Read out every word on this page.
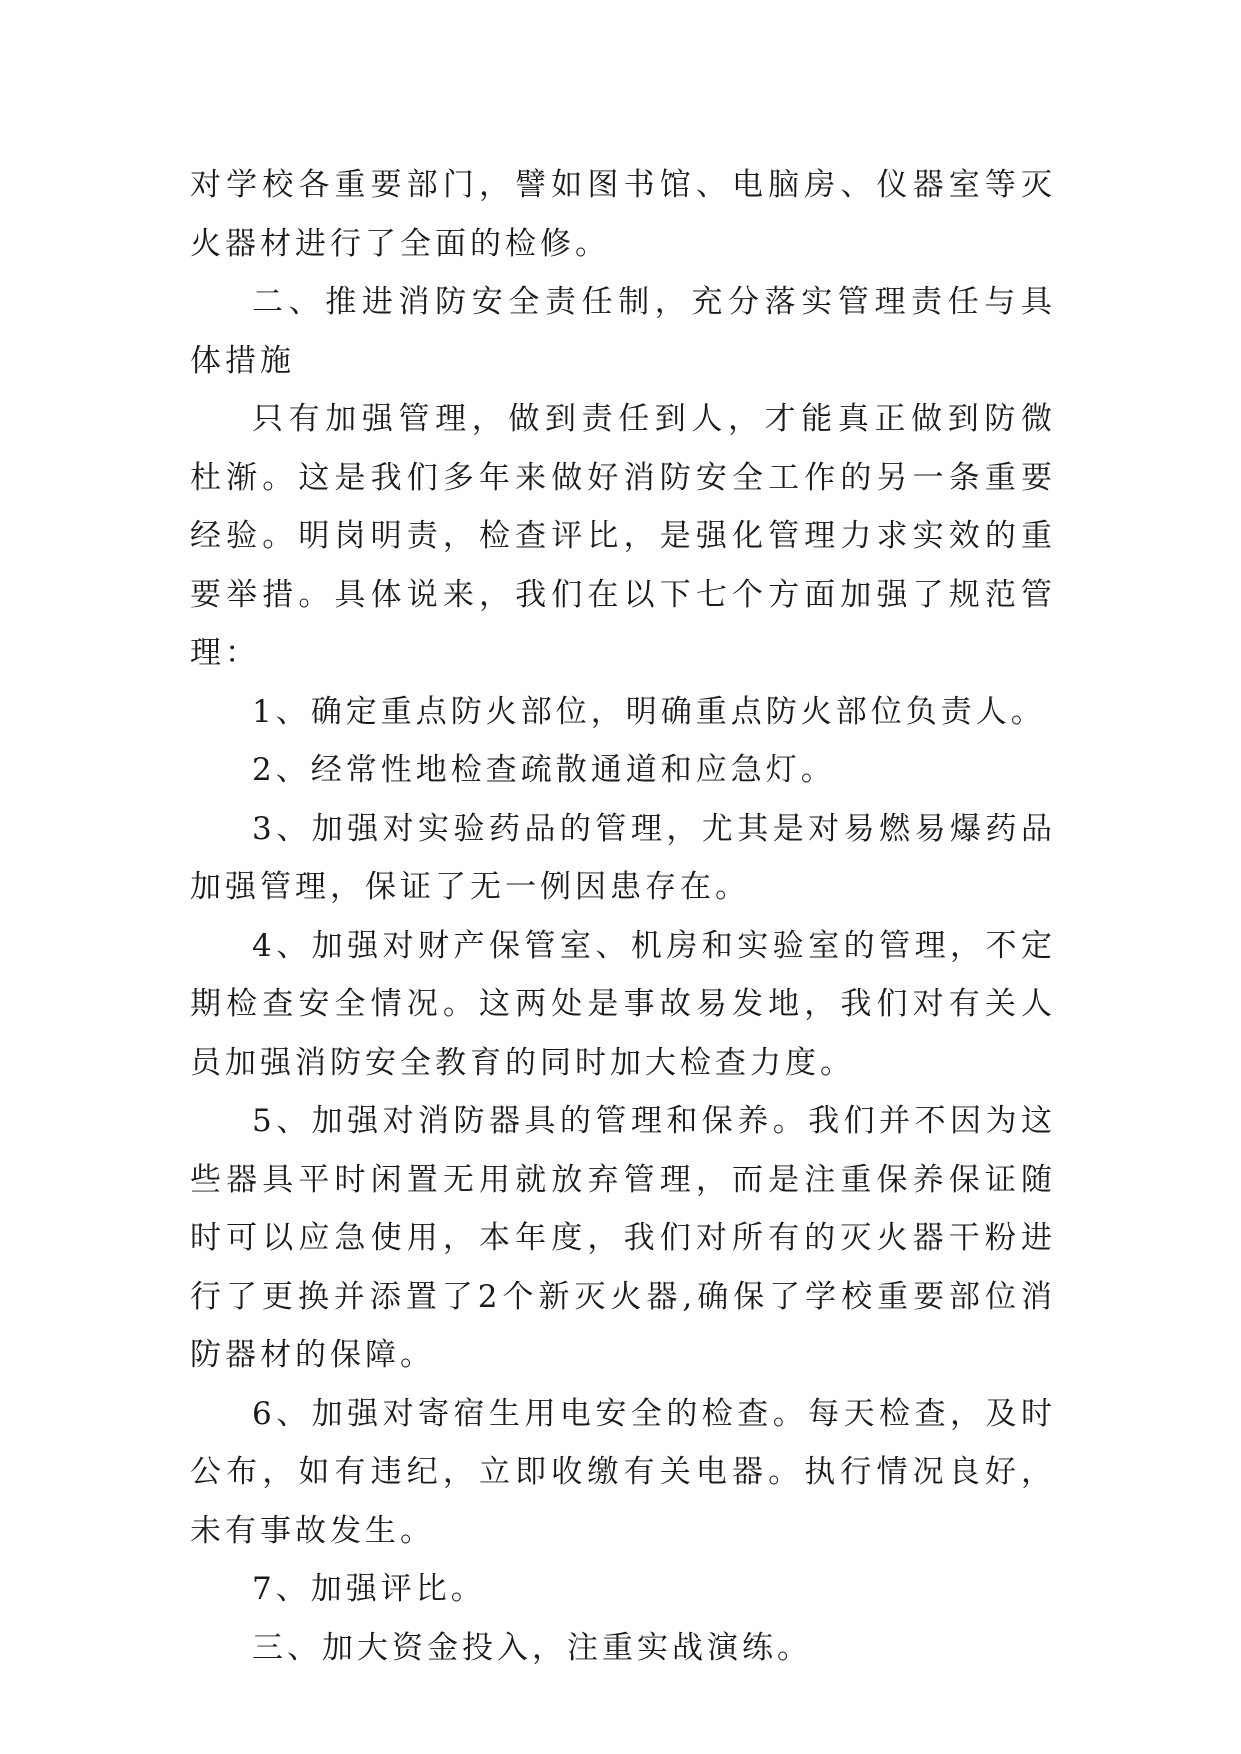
对学校各重要部门，譬如图书馆、电脑房、仪器室等灭火器材进行了全面的检修。

二、推进消防安全责任制，充分落实管理责任与具体措施

只有加强管理，做到责任到人，才能真正做到防微杜渐。这是我们多年来做好消防安全工作的另一条重要经验。明岗明责，检查评比，是强化管理力求实效的重要举措。具体说来，我们在以下七个方面加强了规范管理：

1、确定重点防火部位，明确重点防火部位负责人。

2、经常性地检查疏散通道和应急灯。

3、加强对实验药品的管理，尤其是对易燃易爆药品加强管理，保证了无一例因患存在。

4、加强对财产保管室、机房和实验室的管理，不定期检查安全情况。这两处是事故易发地，我们对有关人员加强消防安全教育的同时加大检查力度。

5、加强对消防器具的管理和保养。我们并不因为这些器具平时闲置无用就放弃管理，而是注重保养保证随时可以应急使用，本年度，我们对所有的灭火器干粉进行了更换并添置了2个新灭火器,确保了学校重要部位消防器材的保障。

6、加强对寄宿生用电安全的检查。每天检查，及时公布，如有违纪，立即收缴有关电器。执行情况良好，未有事故发生。

7、加强评比。

三、加大资金投入，注重实战演练。
